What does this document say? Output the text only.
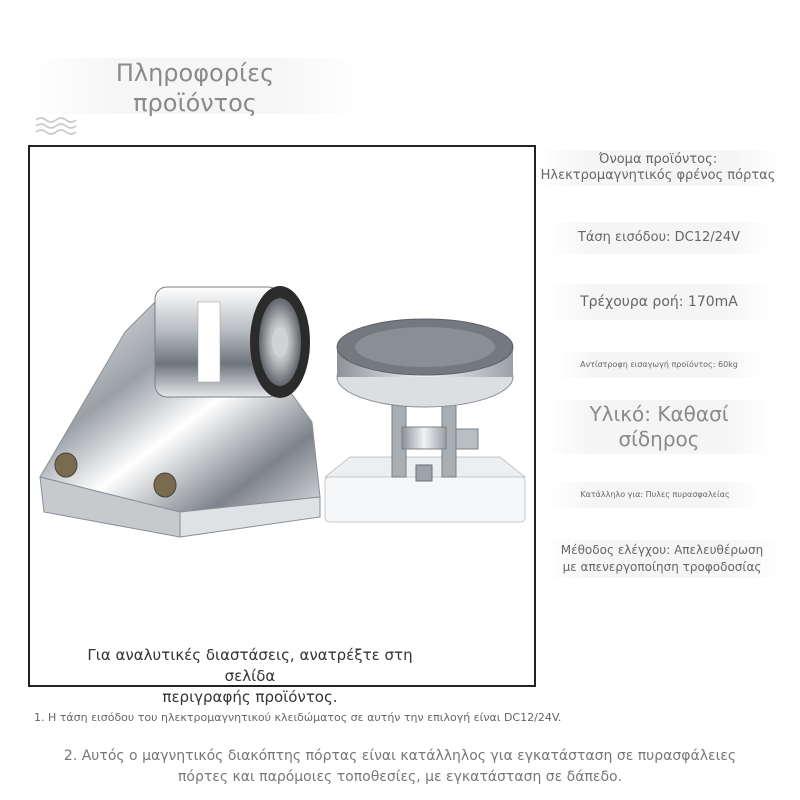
Πληροφορίες
προϊόντος
Για αναλυτικές διαστάσεις, ανατρέξτε στη σελίδα
περιγραφής προϊόντος.
Όνομα προϊόντος:
Ηλεκτρομαγνητικός φρένος πόρτας
Τάση εισόδου: DC12/24V
Τρέχουρα ροή: 170mA
Αντίστροφη εισαγωγή προϊόντος: 60kg
Υλικό: Καθασί
σίδηρος
Κατάλληλο για: Πυλες πυρασφαλείας
Μέθοδος ελέγχου: Απελευθέρωση
με απενεργοποίηση τροφοδοσίας
1. Η τάση εισόδου του ηλεκτρομαγνητικού κλειδώματος σε αυτήν την επιλογή είναι DC12/24V.
2. Αυτός ο μαγνητικός διακόπτης πόρτας είναι κατάλληλος για εγκατάσταση σε πυρασφάλειες
πόρτες και παρόμοιες τοποθεσίες, με εγκατάσταση σε δάπεδο.
